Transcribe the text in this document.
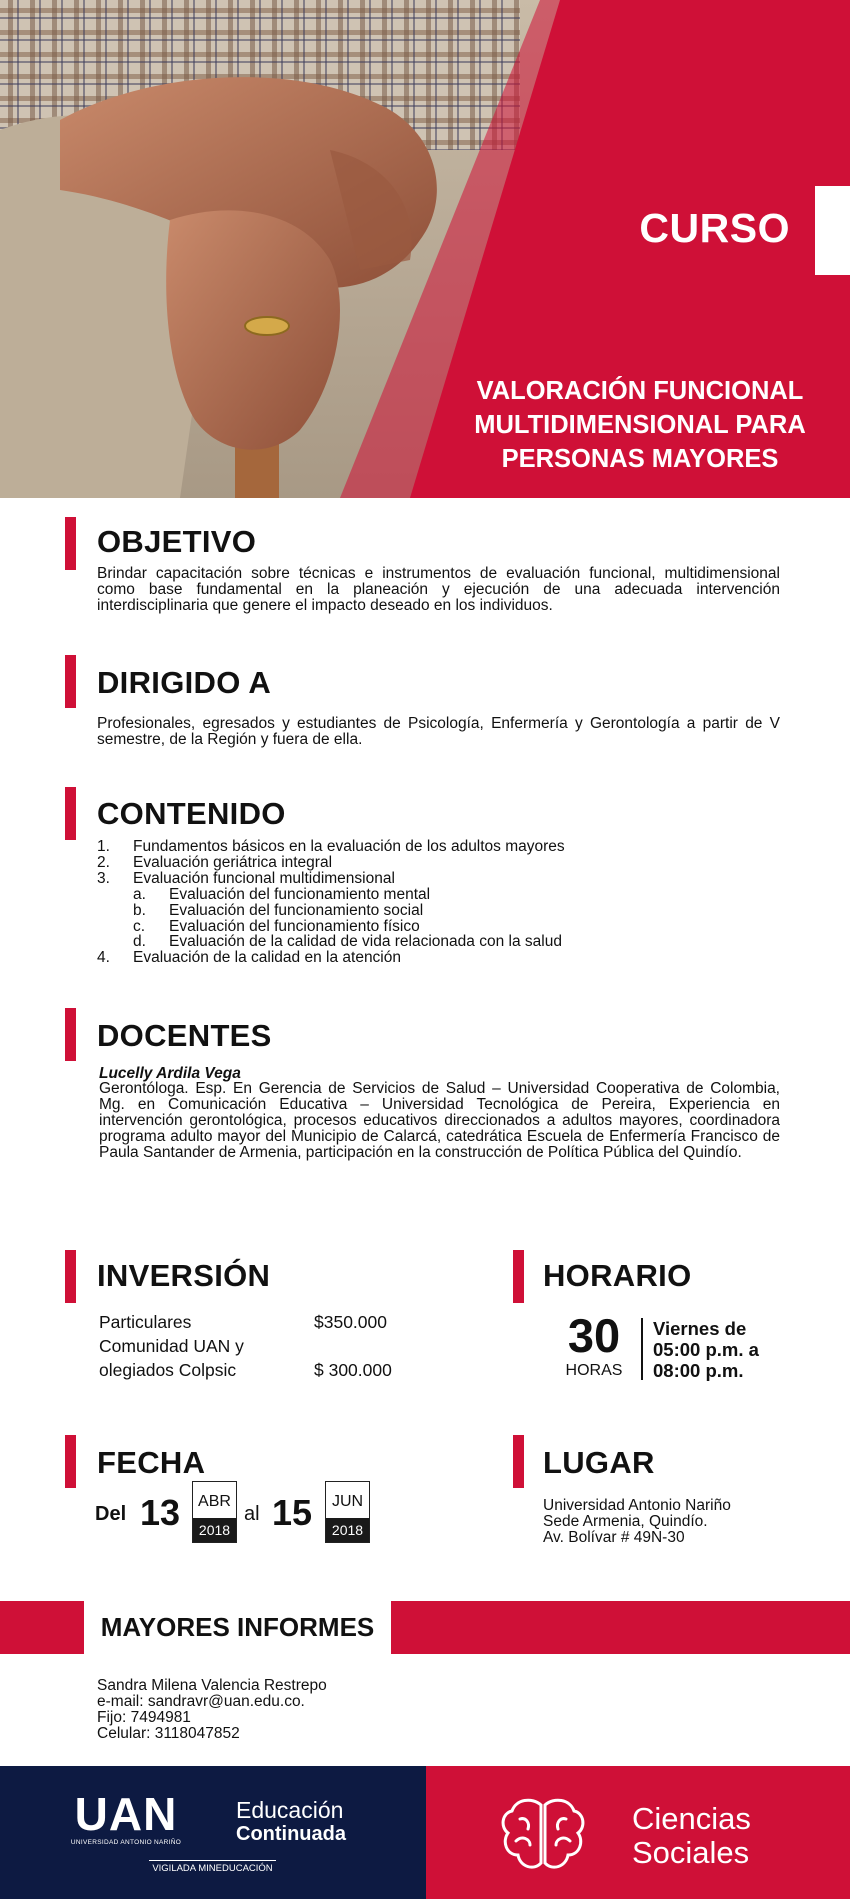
CURSO
VALORACIÓN FUNCIONAL
MULTIDIMENSIONAL PARA
PERSONAS MAYORES
OBJETIVO

Brindar capacitación sobre técnicas e instrumentos de evaluación funcional, multidimensional como base fundamental en la planeación y ejecución de una adecuada intervención interdisciplinaria que genere el impacto deseado en los individuos.

DIRIGIDO A

Profesionales, egresados y estudiantes de Psicología, Enfermería y Gerontología a partir de V semestre, de la Región y fuera de ella.

CONTENIDO
1. Fundamentos básicos en la evaluación de los adultos mayores
2. Evaluación geriátrica integral
3. Evaluación funcional multidimensional
a. Evaluación del funcionamiento mental
b. Evaluación del funcionamiento social
c. Evaluación del funcionamiento físico
d. Evaluación de la calidad de vida relacionada con la salud
4. Evaluación de la calidad en la atención
DOCENTES
Lucelly Ardila Vega

Gerontóloga. Esp. En Gerencia de Servicios de Salud – Universidad Cooperativa de Colombia, Mg. en Comunicación Educativa – Universidad Tecnológica de Pereira, Experiencia en intervención gerontológica, procesos educativos direccionados a adultos mayores, coordinadora programa adulto mayor del Municipio de Calarcá, catedrática Escuela de Enfermería Francisco de Paula Santander de Armenia, participación en la construcción de Política Pública del Quindío.

INVERSIÓN
Particulares	$350.000
Comunidad UAN y
olegiados Colpsic	$ 300.000
HORARIO
30
HORAS
Viernes de
05:00 p.m. a
08:00 p.m.
FECHA
Del 13	ABR
2018
al 15	JUN
2018
LUGAR
Universidad Antonio Nariño
Sede Armenia, Quindío.
Av. Bolívar # 49N-30
MAYORES INFORMES
Sandra Milena Valencia Restrepo
e-mail: sandravr@uan.edu.co.
Fijo: 7494981
Celular: 3118047852
UAN
UNIVERSIDAD ANTONIO NARIÑO
VIGILADA MINEDUCACIÓN
Educación
Continuada	Ciencias
Sociales
